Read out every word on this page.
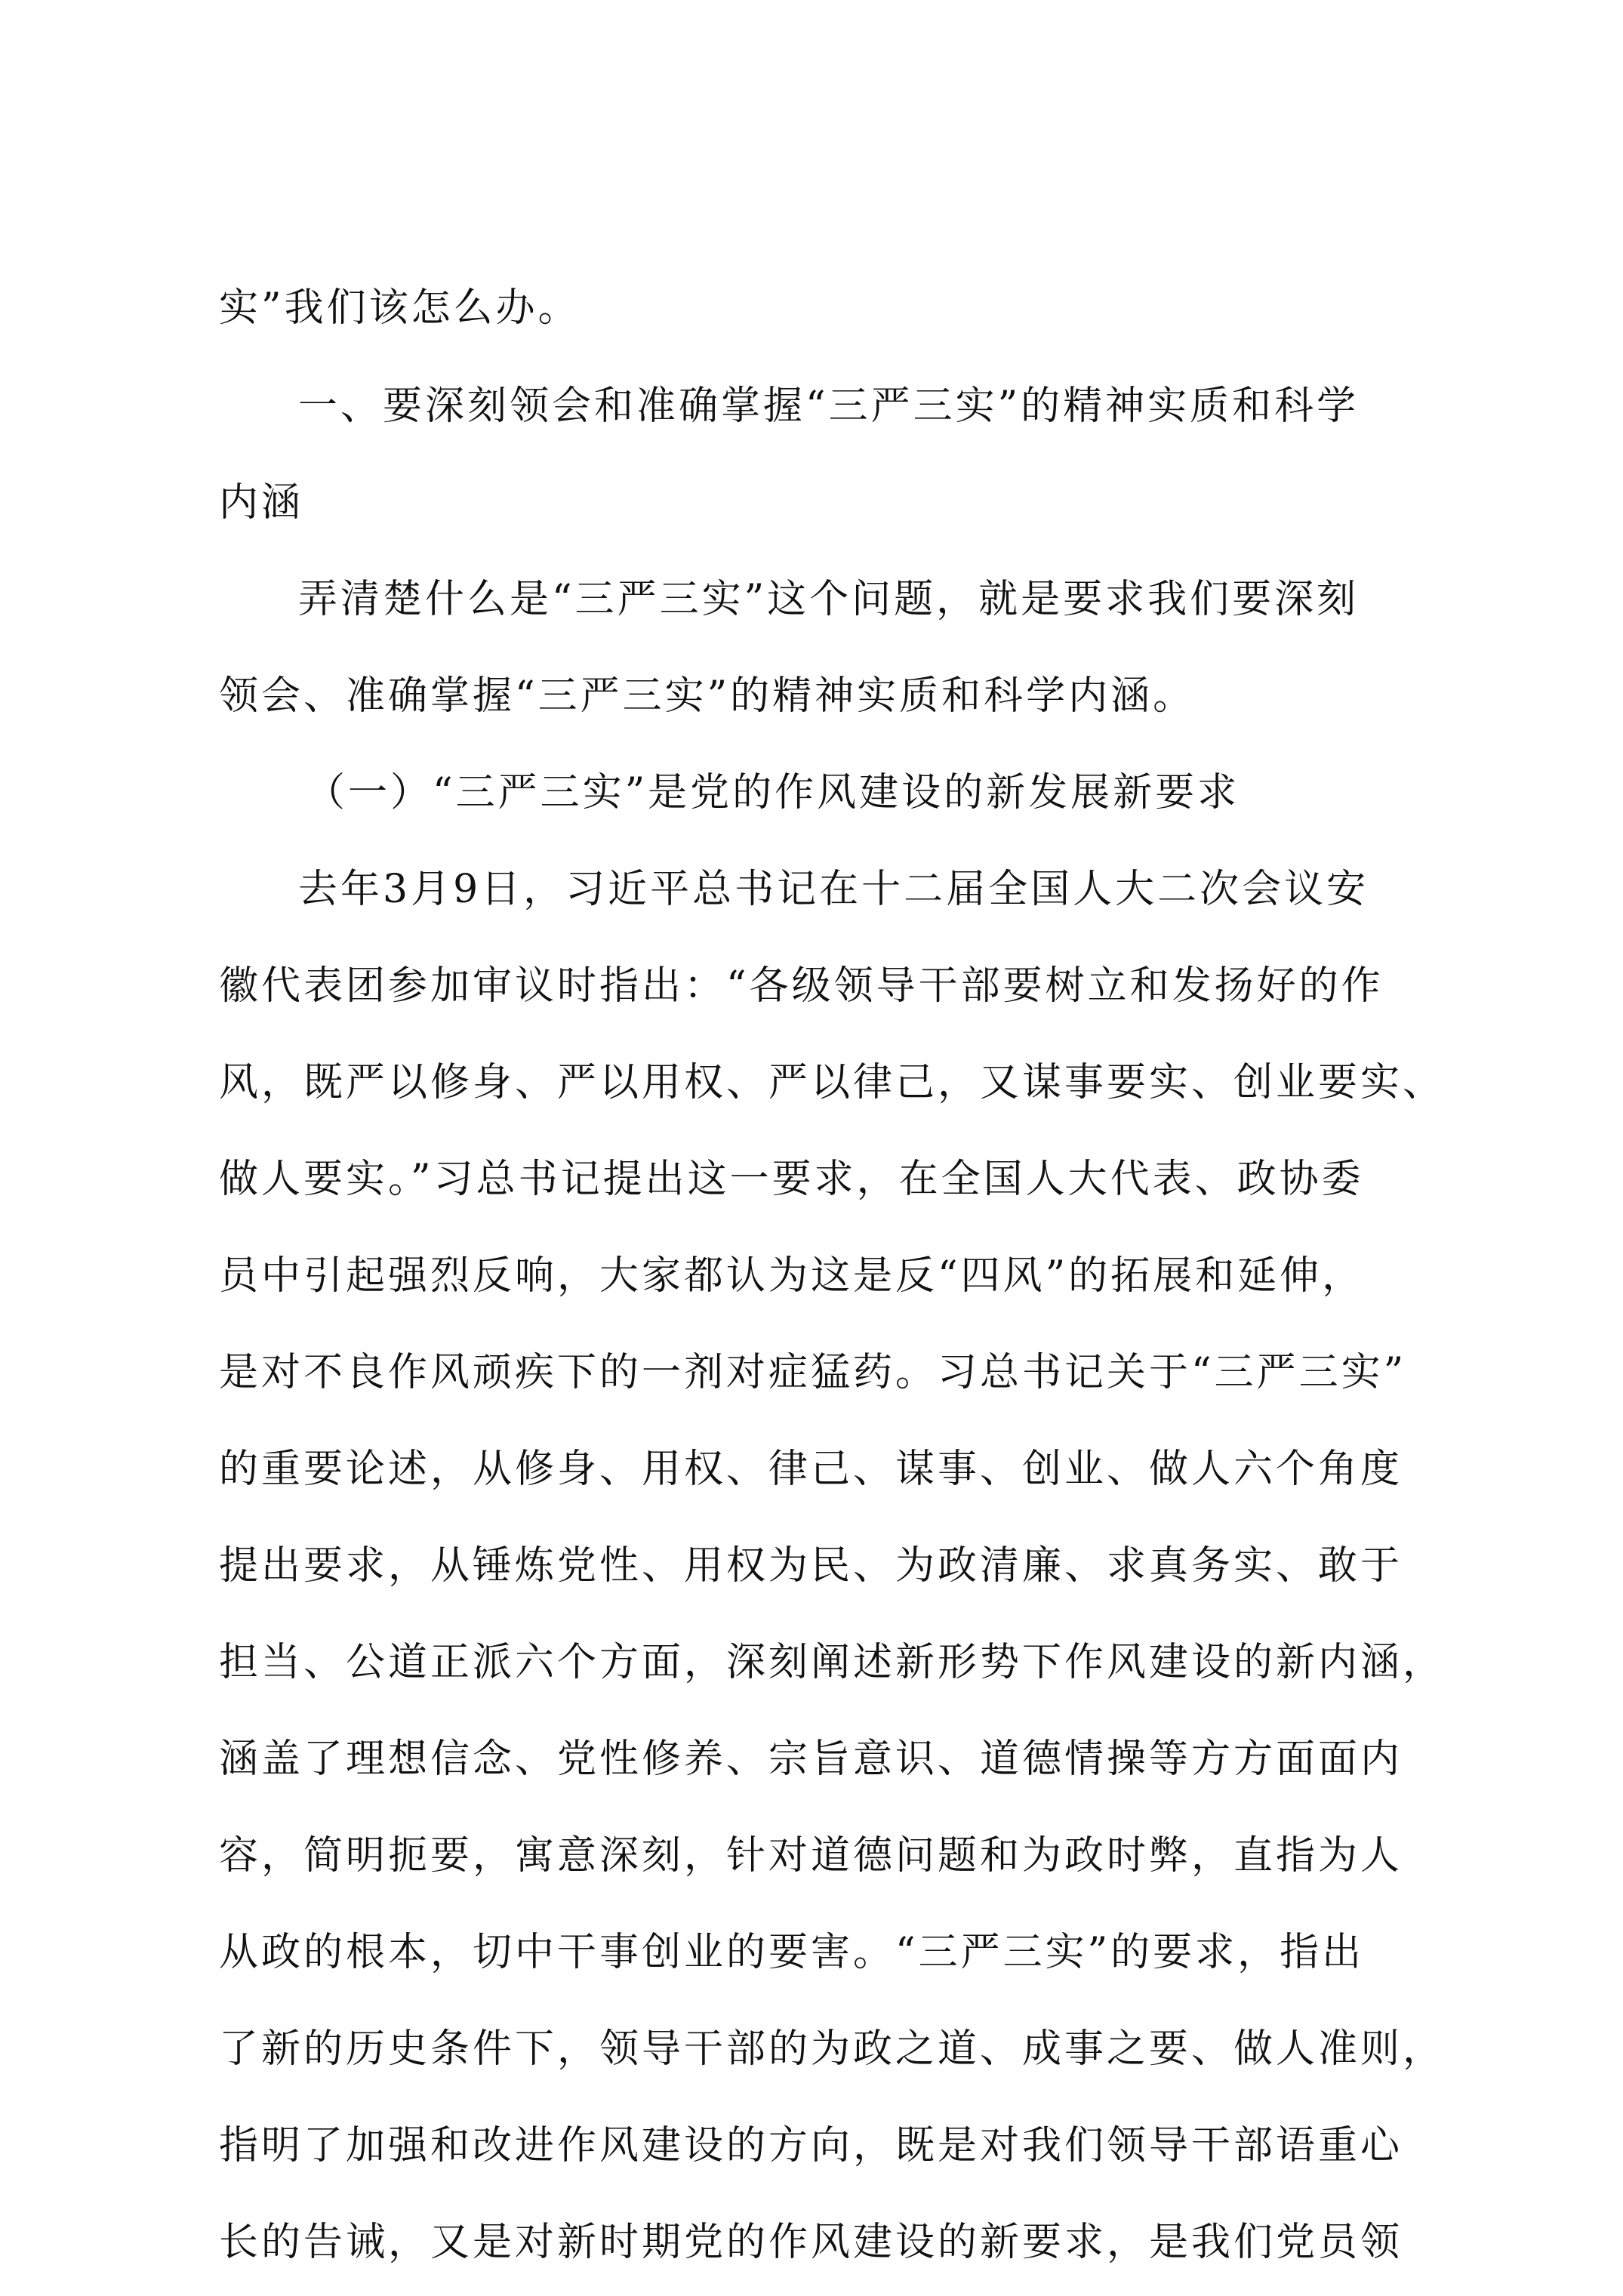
实”我们该怎么办。
一、要深刻领会和准确掌握“三严三实”的精神实质和科学
内涵
弄清楚什么是“三严三实”这个问题，就是要求我们要深刻
领会、准确掌握“三严三实”的精神实质和科学内涵。
（一）“三严三实”是党的作风建设的新发展新要求
去年3月9日，习近平总书记在十二届全国人大二次会议安
徽代表团参加审议时指出：“各级领导干部要树立和发扬好的作
风，既严以修身、严以用权、严以律己，又谋事要实、创业要实、
做人要实。”习总书记提出这一要求，在全国人大代表、政协委
员中引起强烈反响，大家都认为这是反“四风”的拓展和延伸，
是对不良作风顽疾下的一剂对症猛药。习总书记关于“三严三实”
的重要论述，从修身、用权、律己、谋事、创业、做人六个角度
提出要求，从锤炼党性、用权为民、为政清廉、求真务实、敢于
担当、公道正派六个方面，深刻阐述新形势下作风建设的新内涵，
涵盖了理想信念、党性修养、宗旨意识、道德情操等方方面面内
容，简明扼要，寓意深刻，针对道德问题和为政时弊，直指为人
从政的根本，切中干事创业的要害。“三严三实”的要求，指出
了新的历史条件下，领导干部的为政之道、成事之要、做人准则，
指明了加强和改进作风建设的方向，既是对我们领导干部语重心
长的告诫，又是对新时期党的作风建设的新要求，是我们党员领
